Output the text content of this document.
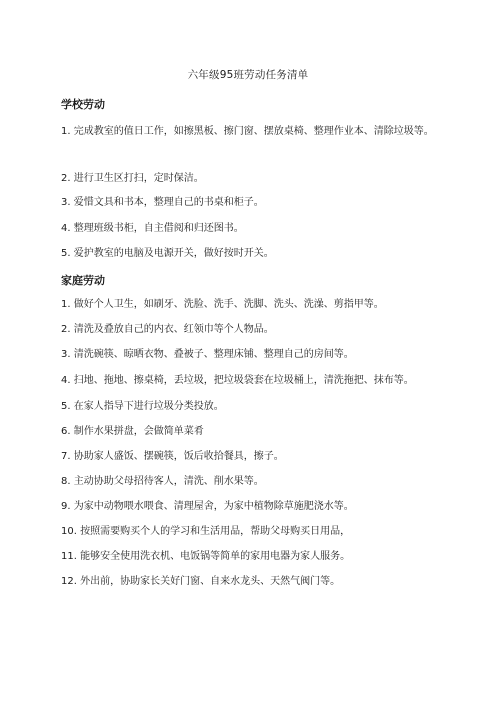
六年级95班劳动任务清单
学校劳动
1. 完成教室的值日工作，如擦黑板、擦门窗、摆放桌椅、整理作业本、清除垃圾等。
2. 进行卫生区打扫，定时保洁。
3. 爱惜文具和书本，整理自己的书桌和柜子。
4. 整理班级书柜，自主借阅和归还图书。
5. 爱护教室的电脑及电源开关，做好按时开关。
家庭劳动
1. 做好个人卫生，如刷牙、洗脸、洗手、洗脚、洗头、洗澡、剪指甲等。
2. 清洗及叠放自己的内衣、红领巾等个人物品。
3. 清洗碗筷、晾晒衣物、叠被子、整理床铺、整理自己的房间等。
4. 扫地、拖地、擦桌椅，丢垃圾，把垃圾袋套在垃圾桶上，清洗拖把、抹布等。
5. 在家人指导下进行垃圾分类投放。
6. 制作水果拼盘，会做简单菜肴
7. 协助家人盛饭、摆碗筷，饭后收拾餐具，擦子。
8. 主动协助父母招待客人，清洗、削水果等。
9. 为家中动物喂水喂食、清理屋舍，为家中植物除草施肥浇水等。
10. 按照需要购买个人的学习和生活用品，帮助父母购买日用品，
11. 能够安全使用洗衣机、电饭锅等简单的家用电器为家人服务。
12. 外出前，协助家长关好门窗、自来水龙头、天然气阀门等。
